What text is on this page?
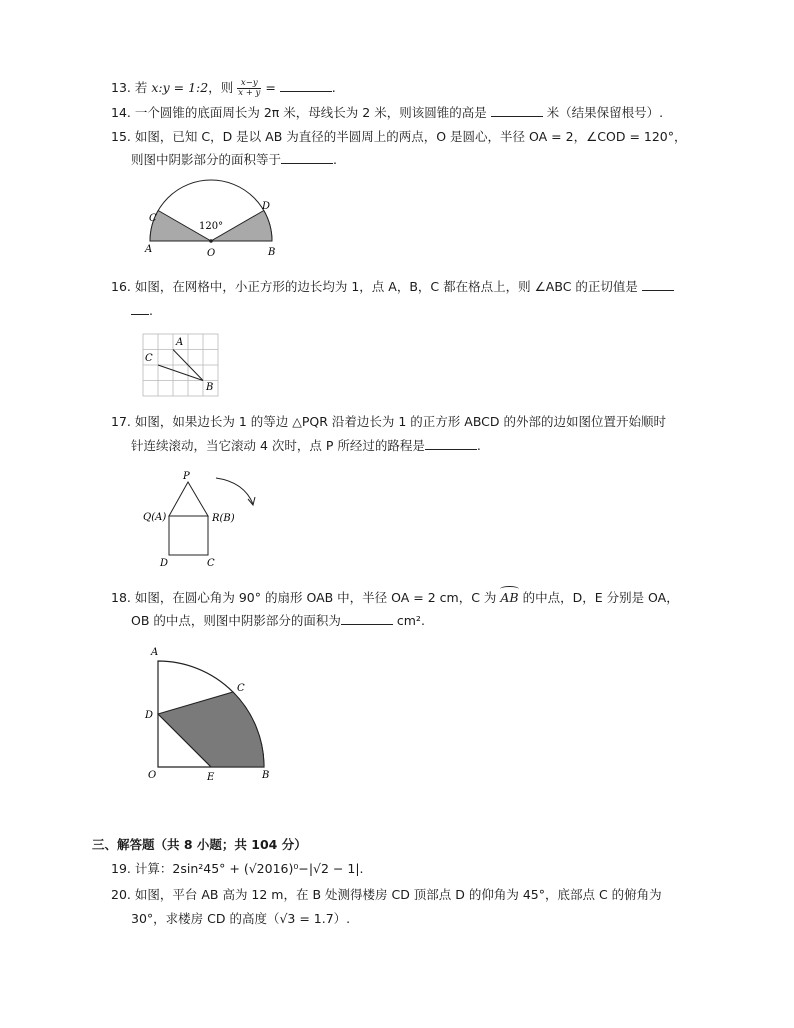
13. 若 x:y = 1:2，则 $\frac{x-y}{x + y}$ =	.
14. 一个圆锥的底面周长为 2π 米，母线长为 2 米，则该圆锥的高是	米（结果保留根号）.
15. 如图，已知 C，D 是以 AB 为直径的半圆周上的两点，O 是圆心，半径 OA = 2，∠COD = 120°，
则图中阴影部分的面积等于	.
C
D
A	O	B
120°
16. 如图，在网格中，小正方形的边长均为 1，点 A，B，C 都在格点上，则 ∠ABC 的正切值是
.
A
C
B
17. 如图，如果边长为 1 的等边 △PQR 沿着边长为 1 的正方形 ABCD 的外部的边如图位置开始顺时
针连续滚动，当它滚动 4 次时，点 P 所经过的路程是	.
P
Q(A)	R(B)
D	C
18. 如图，在圆心角为 90° 的扇形 OAB 中，半径 OA = 2 cm，C 为 AB 的中点，D，E 分别是 OA，
OB 的中点，则图中阴影部分的面积为	cm².
A
C
D
O	E	B
三、解答题（共 8 小题；共 104 分）
19. 计算：2sin²45° + (√2016)⁰−|√2 − 1|.
20. 如图，平台 AB 高为 12 m，在 B 处测得楼房 CD 顶部点 D 的仰角为 45°，底部点 C 的俯角为
30°，求楼房 CD 的高度（√3 = 1.7）.
